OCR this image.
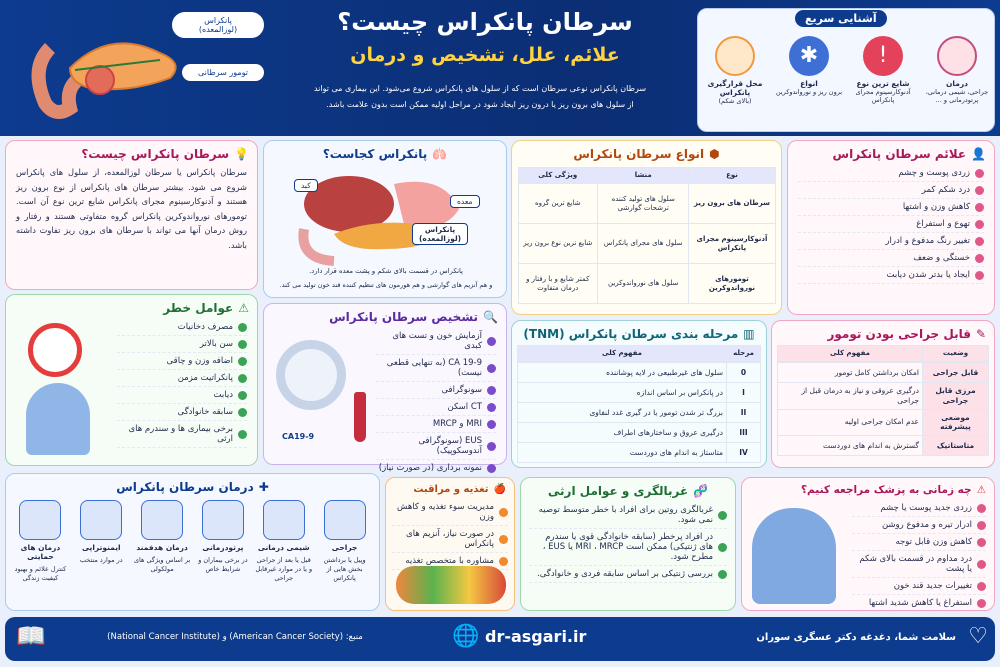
پانکراس
(لوزالمعده)
تومور سرطانی
سرطان پانکراس چیست؟
علائم، علل، تشخیص و درمان
سرطان پانکراس نوعی سرطان است که از سلول های پانکراس شروع می‌شود. این بیماری می تواند
از سلول های برون ریز یا درون ریز ایجاد شود در مراحل اولیه ممکن است بدون علامت باشد.
آشنایی سریع
درمان
جراحی، شیمی درمانی، پرتودرمانی و ...
!
شایع ترین نوع
آدنوکارسینوم مجرای پانکراس
✱
انواع
برون ریز و نورواندوکرین
محل قرارگیری پانکراس
(بالای شکم)
💡
سرطان پانکراس چیست؟
سرطان پانکراس یا سرطان لوزالمعده، از سلول های پانکراس شروع می شود. بیشتر سرطان های پانکراس از نوع برون ریز هستند و آدنوکارسینوم مجرای پانکراس شایع ترین نوع آن است. تومورهای نورواندوکرین پانکراس گروه متفاوتی هستند و رفتار و روش درمان آنها می تواند با سرطان های برون ریز تفاوت داشته باشد.
🫁
پانکراس کجاست؟
کبد
معده
پانکراس
(لوزالمعده)
پانکراس در قسمت بالای شکم و پشت معده قرار دارد.
و هم آنزیم های گوارشی و هم هورمون های تنظیم کننده قند خون تولید می کند.
⬢
انواع سرطان پانکراس
نوع	منشا	ویژگی کلی
سرطان های برون ریز	سلول های تولید کننده ترشحات گوارشی	شایع ترین گروه
آدنوکارسینوم مجرای پانکراس	سلول های مجرای پانکراس	شایع ترین نوع برون ریز
تومورهای نورواندوکرین	سلول های نورواندوکرین	کمتر شایع و با رفتار و درمان متفاوت
👤
علائم سرطان پانکراس
زردی پوست و چشم
درد شکم کمر
کاهش وزن و اشتها
تهوع و استفراغ
تغییر رنگ مدفوع و ادرار
خستگی و ضعف
ایجاد یا بدتر شدن دیابت
⚠
عوامل خطر
مصرف دخانیات
سن بالاتر
اضافه وزن و چاقی
پانکراتیت مزمن
دیابت
سابقه خانوادگی
برخی بیماری ها و سندرم های ارثی
🔍
تشخیص سرطان پانکراس
آزمایش خون و تست های کبدی
CA 19-9 (به تنهایی قطعی نیست)
سونوگرافی
CT اسکن
MRI و MRCP
EUS (سونوگرافی آندوسکوپیک)
نمونه برداری (در صورت نیاز)
CA19-9
▥
مرحله بندی سرطان پانکراس (TNM)
مرحله	مفهوم کلی
0	سلول های غیرطبیعی در لایه پوشاننده
I	در پانکراس بر اساس اندازه
II	بزرگ تر شدن تومور یا در گیری غدد لنفاوی
III	درگیری عروق و ساختارهای اطراف
IV	متاستاز به اندام های دوردست
✎
قابل جراحی بودن تومور
وضعیت	مفهوم کلی
قابل جراحی	امکان برداشتن کامل تومور
مرزی قابل جراحی	درگیری عروقی و نیاز به درمان قبل از جراحی
موضعی پیشرفته	عدم امکان جراحی اولیه
متاستاتیک	گسترش به اندام های دوردست
✚
درمان سرطان پانکراس
جراحی
وپیل یا برداشتن بخش هایی از پانکراس
شیمی درمانی
قبل یا بعد از جراحی و یا در موارد غیرقابل جراحی
پرتودرمانی
در برخی بیماران و شرایط خاص
درمان هدفمند
بر اساس ویژگی های مولکولی
ایمنوتراپی
در موارد منتخب
درمان های حمایتی
کنترل علائم و بهبود کیفیت زندگی
🍎
تغذیه و مراقبت
مدیریت سوء تغذیه و کاهش وزن
در صورت نیاز، آنزیم های پانکراس
مشاوره با متخصص تغذیه
🧬
غربالگری و عوامل ارثی
غربالگری روتین برای افراد با خطر متوسط توصیه نمی شود.
در افراد پرخطر (سابقه خانوادگی قوی یا سندرم های ژنتیکی) ممکن است MRI ، MRCP یا EUS ، مطرح شود.
بررسی ژنتیکی بر اساس سابقه فردی و خانوادگی.
⚠
چه زمانی به پزشک مراجعه کنیم؟
زردی جدید پوست یا چشم
ادرار تیره و مدفوع روشن
کاهش وزن قابل توجه
درد مداوم در قسمت بالای شکم یا پشت
تغییرات جدید قند خون
استفراغ یا کاهش شدید اشتها
♡
سلامت شما، دغدغه دکتر عسگری سوران
🌐 dr-asgari.ir
منبع: (American Cancer Society) و (National Cancer Institute)
📖
